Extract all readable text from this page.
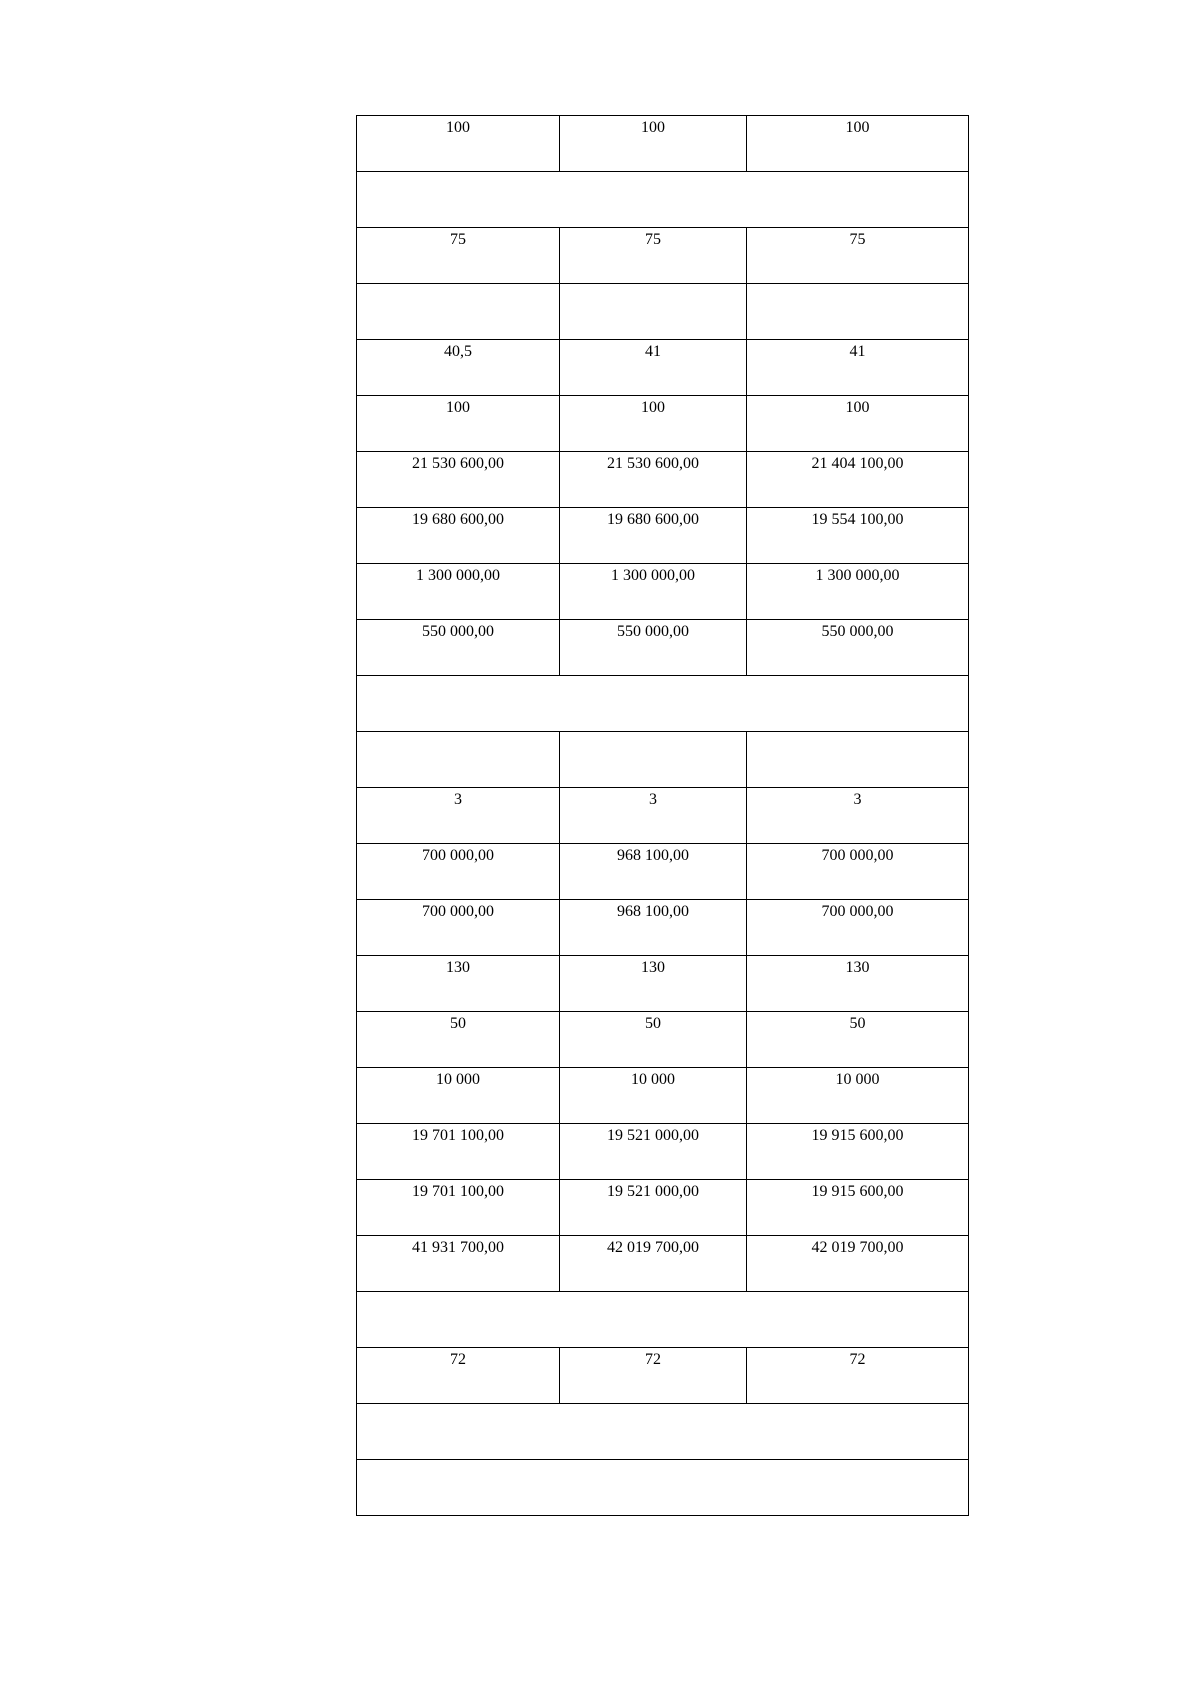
100	100	100

75	75	75

40,5	41	41
100	100	100
21 530 600,00	21 530 600,00	21 404 100,00
19 680 600,00	19 680 600,00	19 554 100,00
1 300 000,00	1 300 000,00	1 300 000,00
550 000,00	550 000,00	550 000,00

3	3	3
700 000,00	968 100,00	700 000,00
700 000,00	968 100,00	700 000,00
130	130	130
50	50	50
10 000	10 000	10 000
19 701 100,00	19 521 000,00	19 915 600,00
19 701 100,00	19 521 000,00	19 915 600,00
41 931 700,00	42 019 700,00	42 019 700,00

72	72	72
